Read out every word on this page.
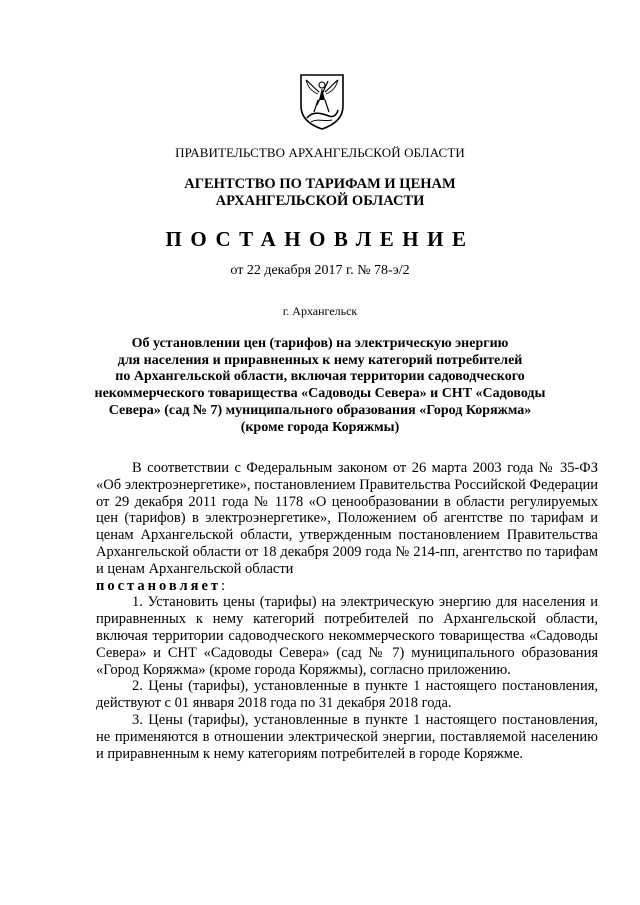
ПРАВИТЕЛЬСТВО АРХАНГЕЛЬСКОЙ ОБЛАСТИ

АГЕНТСТВО ПО ТАРИФАМ И ЦЕНАМ
АРХАНГЕЛЬСКОЙ ОБЛАСТИ

ПОСТАНОВЛЕНИЕ

от 22 декабря 2017 г. № 78-э/2

г. Архангельск

Об установлении цен (тарифов) на электрическую энергию
для населения и приравненных к нему категорий потребителей
по Архангельской области, включая территории садоводческого
некоммерческого товарищества «Садоводы Севера» и СНТ «Садоводы
Севера» (сад № 7) муниципального образования «Город Коряжма»
(кроме города Коряжмы)

В соответствии с Федеральным законом от 26 марта 2003 года № 35-ФЗ «Об электроэнергетике», постановлением Правительства Российской Федерации от 29 декабря 2011 года № 1178 «О ценообразовании в области регулируемых цен (тарифов) в электроэнергетике», Положением об агентстве по тарифам и ценам Архангельской области, утвержденным постановлением Правительства Архангельской области от 18 декабря 2009 года № 214-пп, агентство по тарифам и ценам Архангельской области
постановляет:

1. Установить цены (тарифы) на электрическую энергию для населения и приравненных к нему категорий потребителей по Архангельской области, включая территории садоводческого некоммерческого товарищества «Садоводы Севера» и СНТ «Садоводы Севера» (сад № 7) муниципального образования «Город Коряжма» (кроме города Коряжмы), согласно приложению.

2. Цены (тарифы), установленные в пункте 1 настоящего постановления, действуют с 01 января 2018 года по 31 декабря 2018 года.

3. Цены (тарифы), установленные в пункте 1 настоящего постановления, не применяются в отношении электрической энергии, поставляемой населению и приравненным к нему категориям потребителей в городе Коряжме.
